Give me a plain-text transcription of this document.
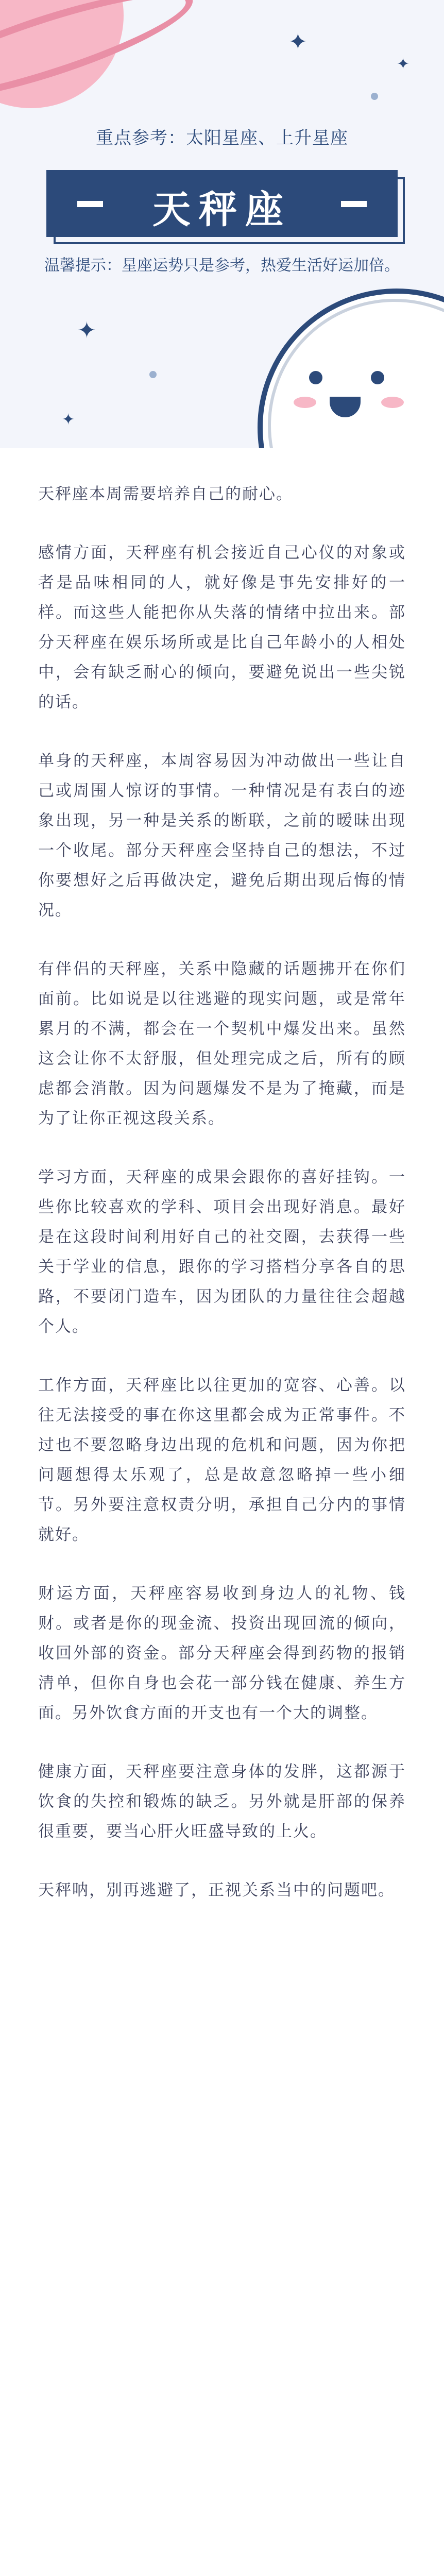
✦
✦
✦
✦
重点参考：太阳星座、上升星座
天秤座
温馨提示：星座运势只是参考，热爱生活好运加倍。

天秤座本周需要培养自己的耐心。

感情方面，天秤座有机会接近自己心仪的对象或者是品味相同的人，就好像是事先安排好的一样。而这些人能把你从失落的情绪中拉出来。部分天秤座在娱乐场所或是比自己年龄小的人相处中，会有缺乏耐心的倾向，要避免说出一些尖锐的话。

单身的天秤座，本周容易因为冲动做出一些让自己或周围人惊讶的事情。一种情况是有表白的迹象出现，另一种是关系的断联，之前的暧昧出现一个收尾。部分天秤座会坚持自己的想法，不过你要想好之后再做决定，避免后期出现后悔的情况。

有伴侣的天秤座，关系中隐藏的话题拂开在你们面前。比如说是以往逃避的现实问题，或是常年累月的不满，都会在一个契机中爆发出来。虽然这会让你不太舒服，但处理完成之后，所有的顾虑都会消散。因为问题爆发不是为了掩藏，而是为了让你正视这段关系。

学习方面，天秤座的成果会跟你的喜好挂钩。一些你比较喜欢的学科、项目会出现好消息。最好是在这段时间利用好自己的社交圈，去获得一些关于学业的信息，跟你的学习搭档分享各自的思路，不要闭门造车，因为团队的力量往往会超越个人。

工作方面，天秤座比以往更加的宽容、心善。以往无法接受的事在你这里都会成为正常事件。不过也不要忽略身边出现的危机和问题，因为你把问题想得太乐观了，总是故意忽略掉一些小细节。另外要注意权责分明，承担自己分内的事情就好。

财运方面，天秤座容易收到身边人的礼物、钱财。或者是你的现金流、投资出现回流的倾向，收回外部的资金。部分天秤座会得到药物的报销清单，但你自身也会花一部分钱在健康、养生方面。另外饮食方面的开支也有一个大的调整。

健康方面，天秤座要注意身体的发胖，这都源于饮食的失控和锻炼的缺乏。另外就是肝部的保养很重要，要当心肝火旺盛导致的上火。

天秤呐，别再逃避了，正视关系当中的问题吧。
